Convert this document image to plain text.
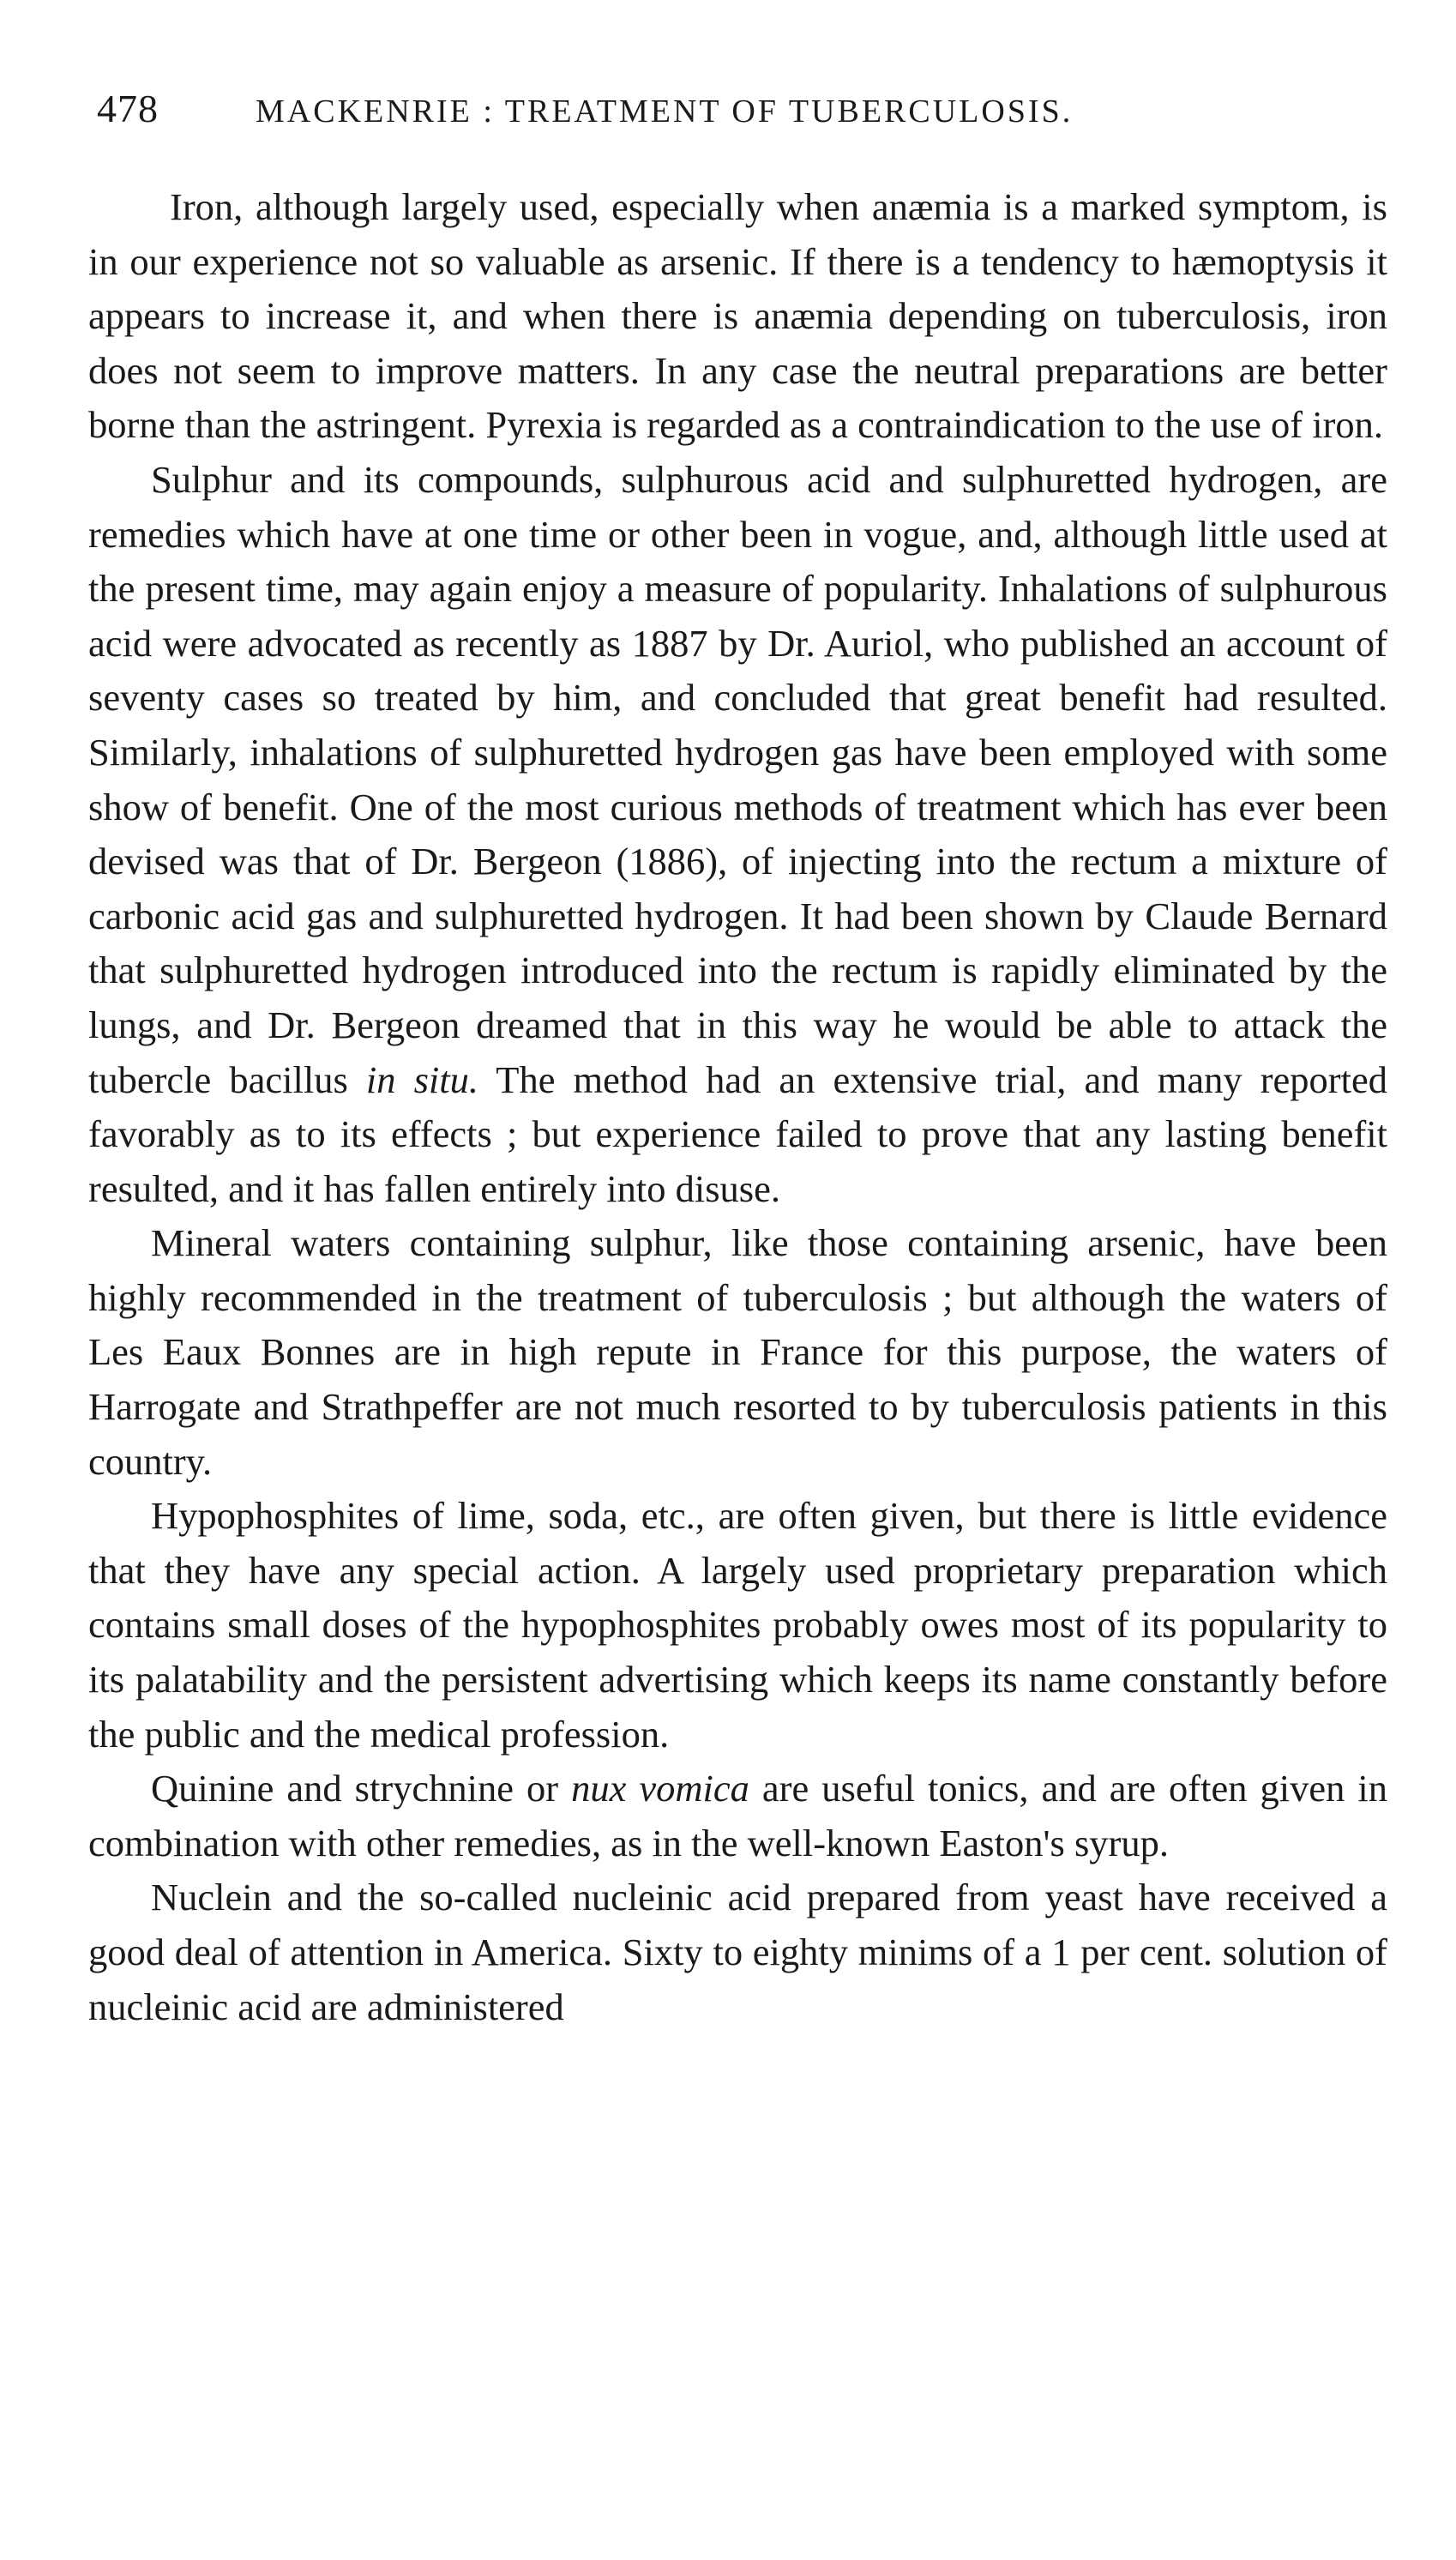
478	MACKENRIE : TREATMENT OF TUBERCULOSIS.

Iron, although largely used, especially when anæmia is a marked symptom, is in our experience not so valuable as arsenic. If there is a tendency to hæmoptysis it appears to increase it, and when there is anæmia depending on tuberculosis, iron does not seem to improve matters. In any case the neutral preparations are better borne than the astringent. Pyrexia is regarded as a contraindication to the use of iron.

Sulphur and its compounds, sulphurous acid and sulphuretted hydrogen, are remedies which have at one time or other been in vogue, and, although little used at the present time, may again enjoy a measure of popularity. Inhalations of sulphurous acid were advocated as recently as 1887 by Dr. Auriol, who published an account of seventy cases so treated by him, and concluded that great benefit had resulted. Similarly, inhalations of sulphuretted hydrogen gas have been employed with some show of benefit. One of the most curious methods of treatment which has ever been devised was that of Dr. Bergeon (1886), of injecting into the rectum a mixture of carbonic acid gas and sulphuretted hydrogen. It had been shown by Claude Bernard that sulphuretted hydrogen introduced into the rectum is rapidly eliminated by the lungs, and Dr. Bergeon dreamed that in this way he would be able to attack the tubercle bacillus in situ. The method had an extensive trial, and many reported favorably as to its effects ; but experience failed to prove that any lasting benefit resulted, and it has fallen entirely into disuse.

Mineral waters containing sulphur, like those containing arsenic, have been highly recommended in the treatment of tuberculosis ; but although the waters of Les Eaux Bonnes are in high repute in France for this purpose, the waters of Harrogate and Strathpeffer are not much resorted to by tuberculosis patients in this country.

Hypophosphites of lime, soda, etc., are often given, but there is little evidence that they have any special action. A largely used proprietary preparation which contains small doses of the hypophosphites probably owes most of its popularity to its palatability and the persistent advertising which keeps its name constantly before the public and the medical profession.

Quinine and strychnine or nux vomica are useful tonics, and are often given in combination with other remedies, as in the well-known Easton's syrup.

Nuclein and the so-called nucleinic acid prepared from yeast have received a good deal of attention in America. Sixty to eighty minims of a 1 per cent. solution of nucleinic acid are administered
